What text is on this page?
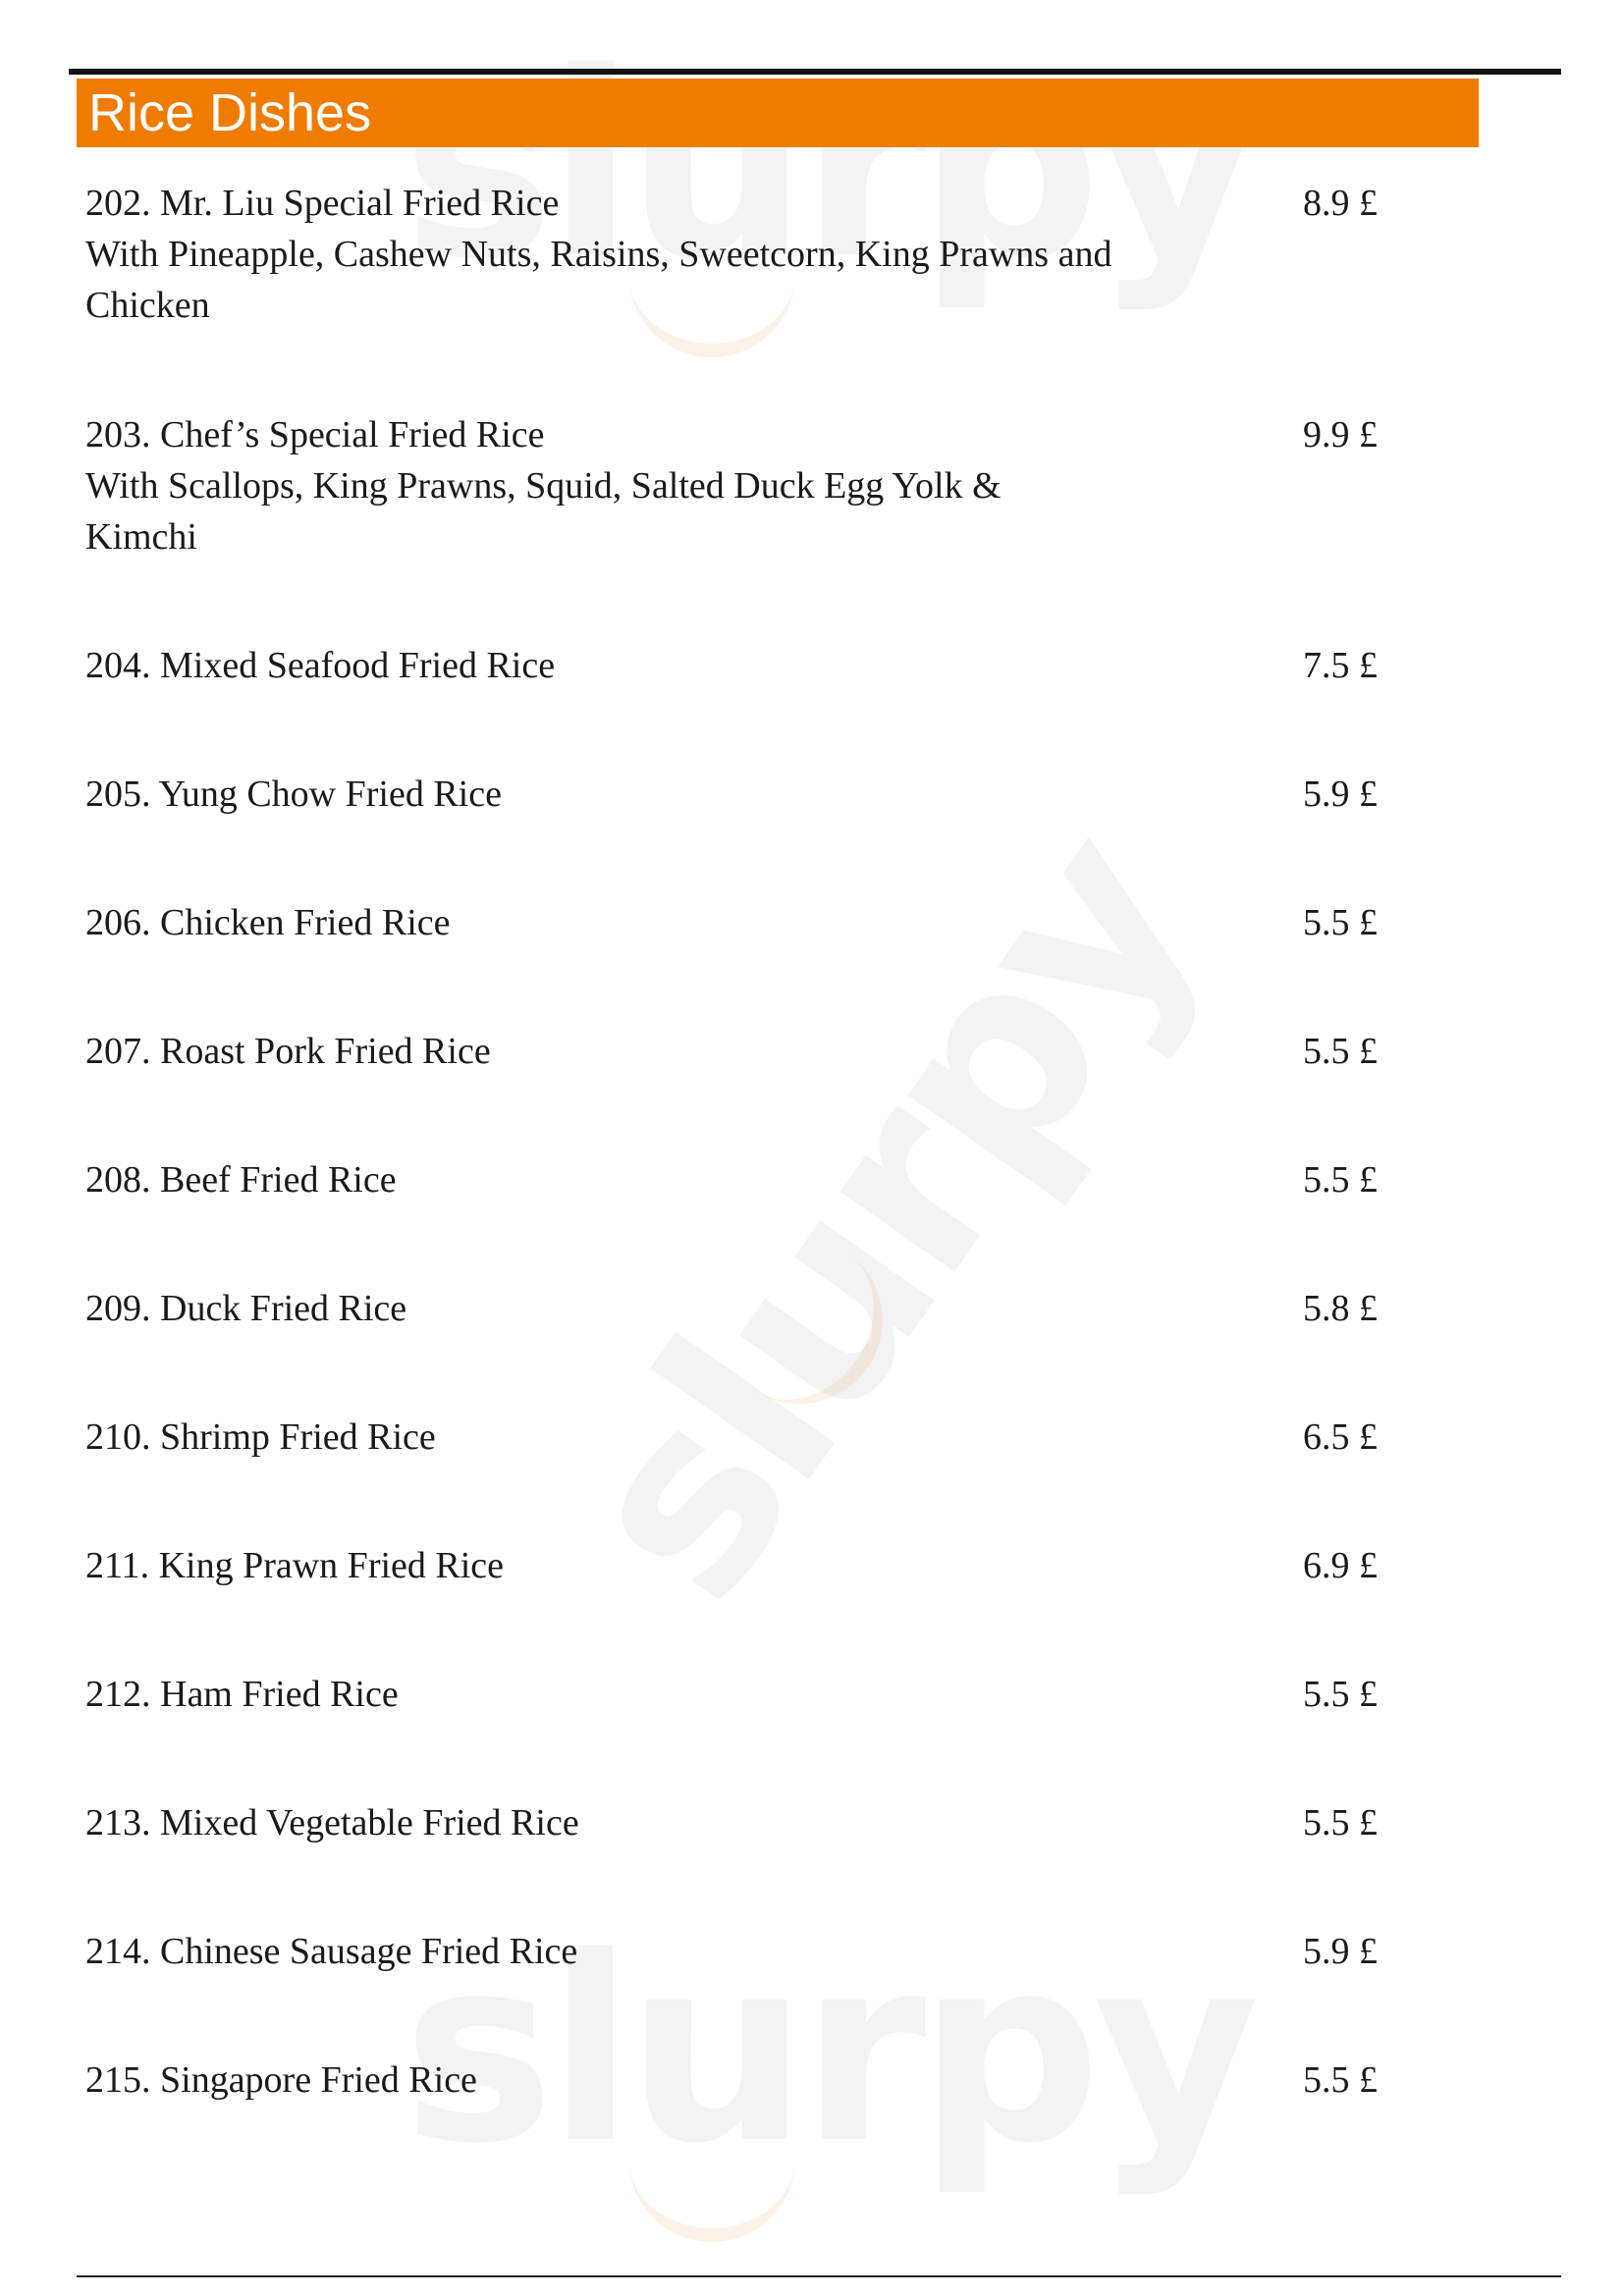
Rice Dishes
202. Mr. Liu Special Fried Rice
With Pineapple, Cashew Nuts, Raisins, Sweetcorn, King Prawns and
Chicken
8.9 £
203. Chef’s Special Fried Rice
With Scallops, King Prawns, Squid, Salted Duck Egg Yolk &
Kimchi
9.9 £
204. Mixed Seafood Fried Rice	7.5 £
205. Yung Chow Fried Rice	5.9 £
206. Chicken Fried Rice	5.5 £
207. Roast Pork Fried Rice	5.5 £
208. Beef Fried Rice	5.5 £
209. Duck Fried Rice	5.8 £
210. Shrimp Fried Rice	6.5 £
211. King Prawn Fried Rice	6.9 £
212. Ham Fried Rice	5.5 £
213. Mixed Vegetable Fried Rice	5.5 £
214. Chinese Sausage Fried Rice	5.9 £
215. Singapore Fried Rice	5.5 £
